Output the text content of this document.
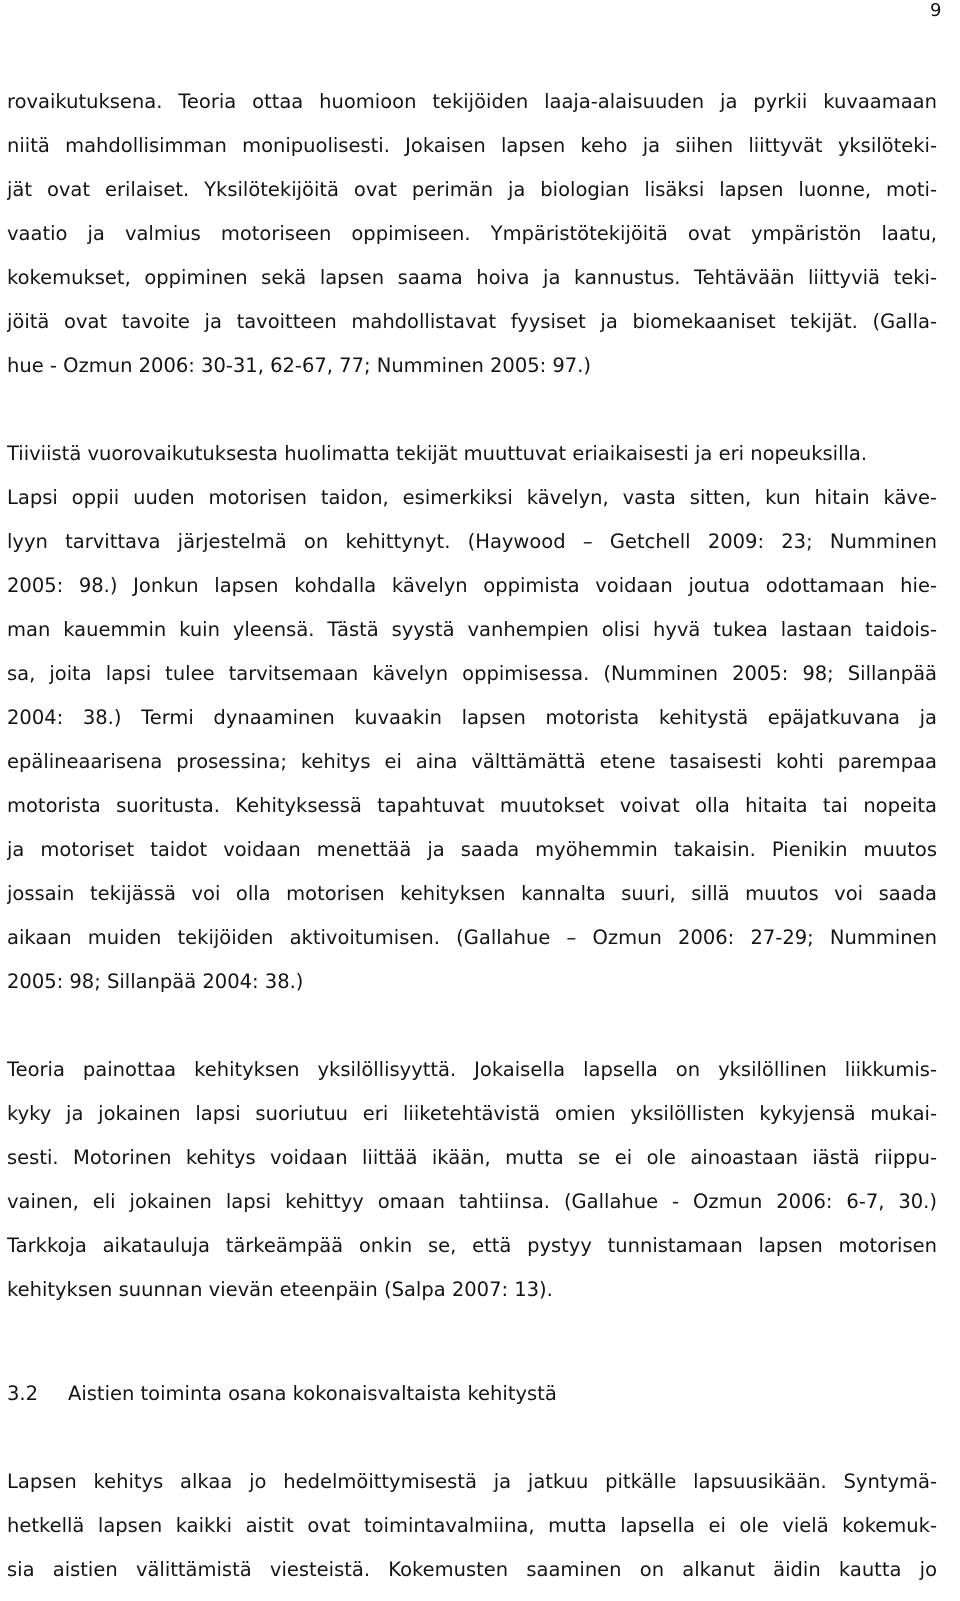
9
rovaikutuksena. Teoria ottaa huomioon tekijöiden laaja-alaisuuden ja pyrkii kuvaamaan
niitä mahdollisimman monipuolisesti. Jokaisen lapsen keho ja siihen liittyvät yksilöteki-
jät ovat erilaiset. Yksilötekijöitä ovat perimän ja biologian lisäksi lapsen luonne, moti-
vaatio ja valmius motoriseen oppimiseen. Ympäristötekijöitä ovat ympäristön laatu,
kokemukset, oppiminen sekä lapsen saama hoiva ja kannustus. Tehtävään liittyviä teki-
jöitä ovat tavoite ja tavoitteen mahdollistavat fyysiset ja biomekaaniset tekijät. (Galla-
hue - Ozmun 2006: 30-31, 62-67, 77; Numminen 2005: 97.)
Tiiviistä vuorovaikutuksesta huolimatta tekijät muuttuvat eriaikaisesti ja eri nopeuksilla.
Lapsi oppii uuden motorisen taidon, esimerkiksi kävelyn, vasta sitten, kun hitain käve-
lyyn tarvittava järjestelmä on kehittynyt. (Haywood – Getchell 2009: 23; Numminen
2005: 98.) Jonkun lapsen kohdalla kävelyn oppimista voidaan joutua odottamaan hie-
man kauemmin kuin yleensä. Tästä syystä vanhempien olisi hyvä tukea lastaan taidois-
sa, joita lapsi tulee tarvitsemaan kävelyn oppimisessa. (Numminen 2005: 98; Sillanpää
2004: 38.) Termi dynaaminen kuvaakin lapsen motorista kehitystä epäjatkuvana ja
epälineaarisena prosessina; kehitys ei aina välttämättä etene tasaisesti kohti parempaa
motorista suoritusta. Kehityksessä tapahtuvat muutokset voivat olla hitaita tai nopeita
ja motoriset taidot voidaan menettää ja saada myöhemmin takaisin. Pienikin muutos
jossain tekijässä voi olla motorisen kehityksen kannalta suuri, sillä muutos voi saada
aikaan muiden tekijöiden aktivoitumisen. (Gallahue – Ozmun 2006: 27-29; Numminen
2005: 98; Sillanpää 2004: 38.)
Teoria painottaa kehityksen yksilöllisyyttä. Jokaisella lapsella on yksilöllinen liikkumis-
kyky ja jokainen lapsi suoriutuu eri liiketehtävistä omien yksilöllisten kykyjensä mukai-
sesti. Motorinen kehitys voidaan liittää ikään, mutta se ei ole ainoastaan iästä riippu-
vainen, eli jokainen lapsi kehittyy omaan tahtiinsa. (Gallahue - Ozmun 2006: 6-7, 30.)
Tarkkoja aikatauluja tärkeämpää onkin se, että pystyy tunnistamaan lapsen motorisen
kehityksen suunnan vievän eteenpäin (Salpa 2007: 13).
3.2 Aistien toiminta osana kokonaisvaltaista kehitystä
Lapsen kehitys alkaa jo hedelmöittymisestä ja jatkuu pitkälle lapsuusikään. Syntymä-
hetkellä lapsen kaikki aistit ovat toimintavalmiina, mutta lapsella ei ole vielä kokemuk-
sia aistien välittämistä viesteistä. Kokemusten saaminen on alkanut äidin kautta jo
